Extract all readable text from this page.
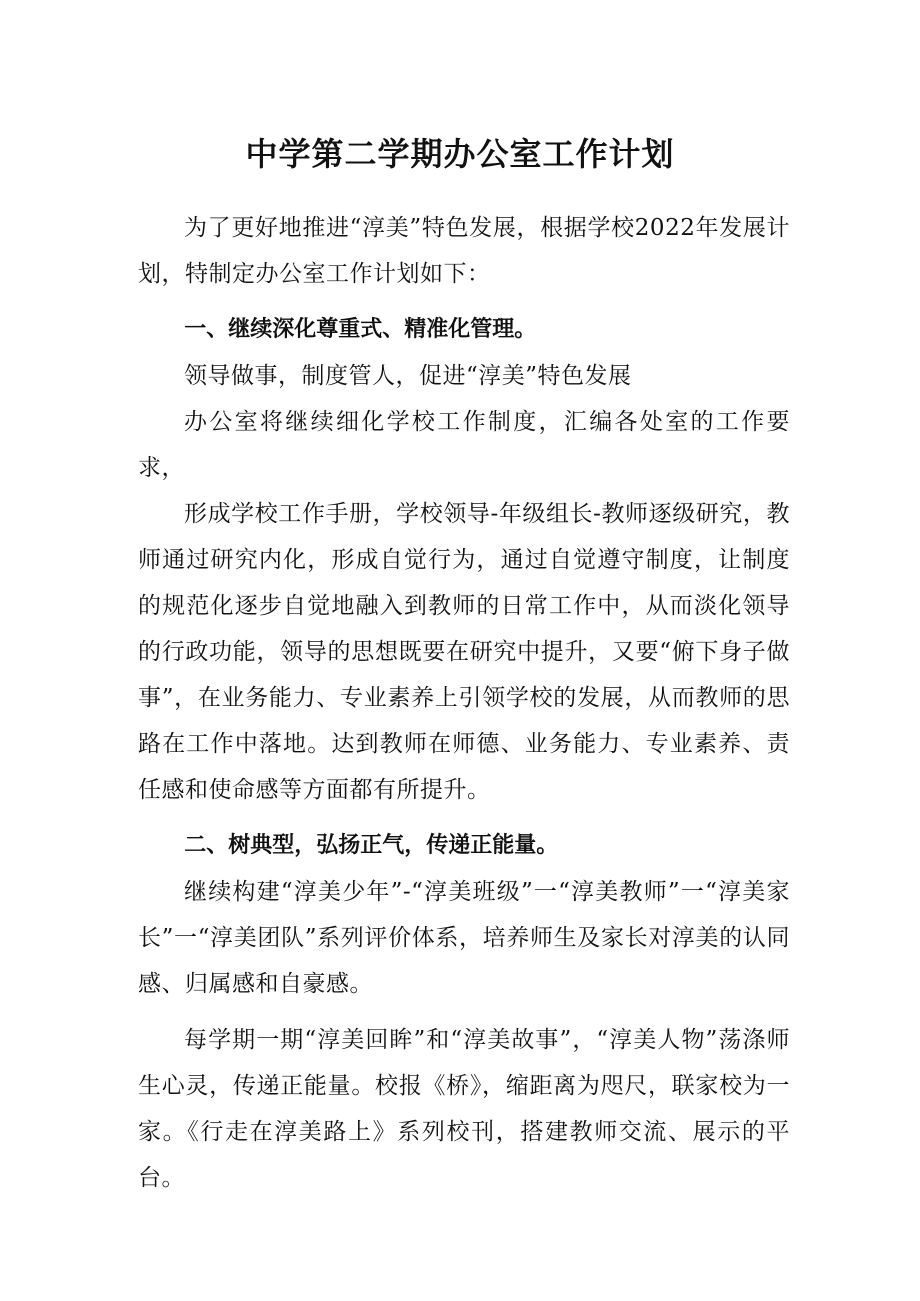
中学第二学期办公室工作计划

为了更好地推进“淳美”特色发展，根据学校2022年发展计划，特制定办公室工作计划如下：

一、继续深化尊重式、精准化管理。

领导做事，制度管人，促进“淳美”特色发展

办公室将继续细化学校工作制度，汇编各处室的工作要求，

形成学校工作手册，学校领导-年级组长-教师逐级研究，教师通过研究内化，形成自觉行为，通过自觉遵守制度，让制度的规范化逐步自觉地融入到教师的日常工作中，从而淡化领导的行政功能，领导的思想既要在研究中提升，又要“俯下身子做事”，在业务能力、专业素养上引领学校的发展，从而教师的思路在工作中落地。达到教师在师德、业务能力、专业素养、责任感和使命感等方面都有所提升。

二、树典型，弘扬正气，传递正能量。

继续构建“淳美少年”-“淳美班级”一“淳美教师”一“淳美家长”一“淳美团队”系列评价体系，培养师生及家长对淳美的认同感、归属感和自豪感。

每学期一期“淳美回眸”和“淳美故事”，“淳美人物”荡涤师生心灵，传递正能量。校报《桥》，缩距离为咫尺，联家校为一家。《行走在淳美路上》系列校刊，搭建教师交流、展示的平台。
